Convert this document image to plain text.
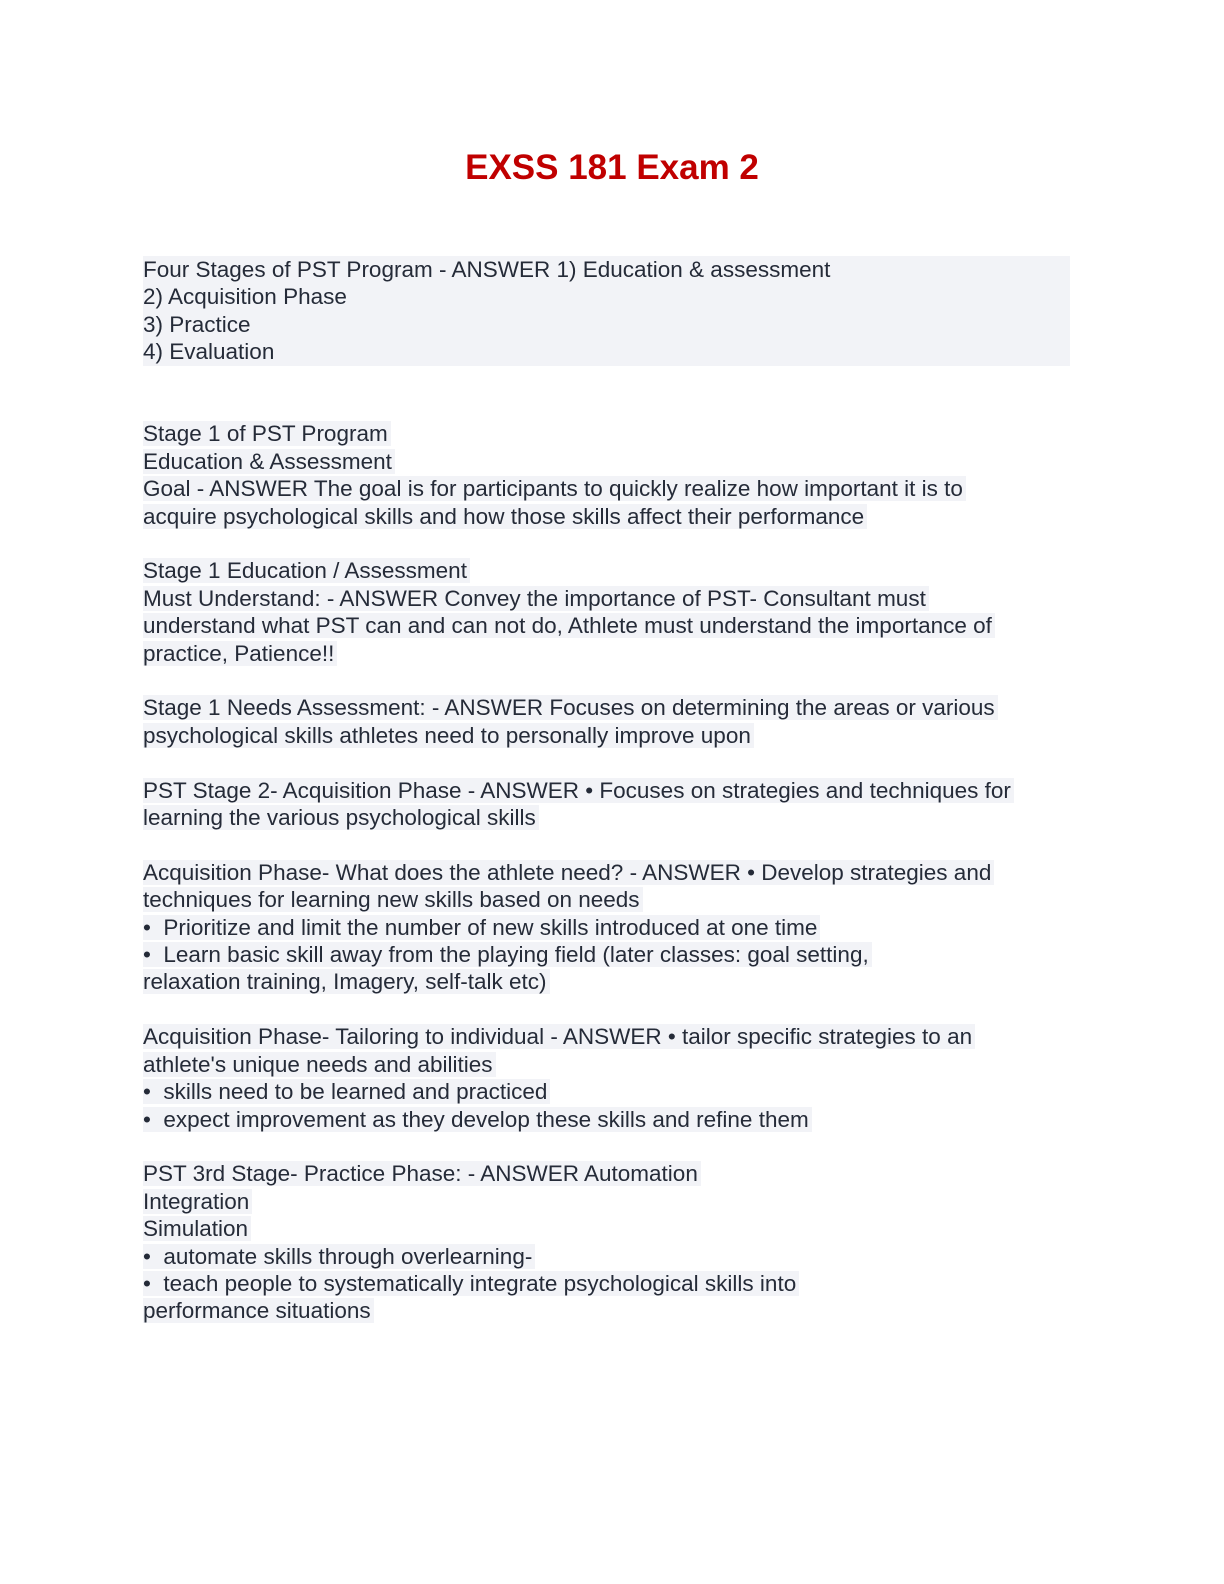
EXSS 181 Exam 2
Four Stages of PST Program - ANSWER 1) Education & assessment
2) Acquisition Phase
3) Practice
4) Evaluation
Stage 1 of PST Program
Education & Assessment
Goal - ANSWER The goal is for participants to quickly realize how important it is to
acquire psychological skills and how those skills affect their performance
Stage 1 Education / Assessment
Must Understand: - ANSWER Convey the importance of PST- Consultant must
understand what PST can and can not do, Athlete must understand the importance of
practice, Patience!!
Stage 1 Needs Assessment: - ANSWER Focuses on determining the areas or various
psychological skills athletes need to personally improve upon
PST Stage 2- Acquisition Phase - ANSWER • Focuses on strategies and techniques for
learning the various psychological skills
Acquisition Phase- What does the athlete need? - ANSWER • Develop strategies and
techniques for learning new skills based on needs
•  Prioritize and limit the number of new skills introduced at one time
•  Learn basic skill away from the playing field (later classes: goal setting,
relaxation training, Imagery, self-talk etc)
Acquisition Phase- Tailoring to individual - ANSWER • tailor specific strategies to an
athlete's unique needs and abilities
•  skills need to be learned and practiced
•  expect improvement as they develop these skills and refine them
PST 3rd Stage- Practice Phase: - ANSWER Automation
Integration
Simulation
•  automate skills through overlearning-
•  teach people to systematically integrate psychological skills into
performance situations
